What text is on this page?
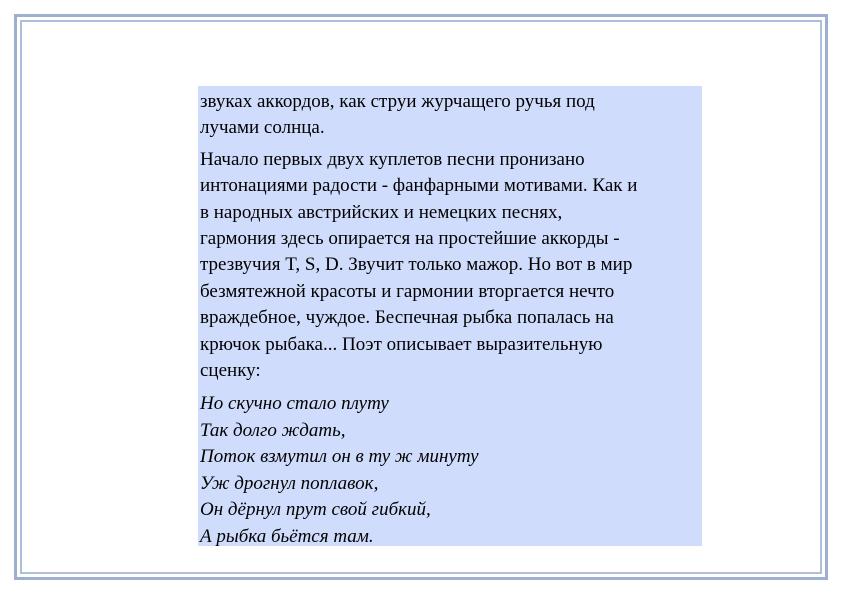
звуках аккордов, как струи журчащего ручья под
лучами солнца.

Начало первых двух куплетов песни пронизано
интонациями радости - фанфарными мотивами. Как и
в народных австрийских и немецких песнях,
гармония здесь опирается на простейшие аккорды -
трезвучия T, S, D. Звучит только мажор. Но вот в мир
безмятежной красоты и гармонии вторгается нечто
враждебное, чуждое. Беспечная рыбка попалась на
крючок рыбака... Поэт описывает выразительную
сценку:

Но скучно стало плуту
Так долго ждать,
Поток взмутил он в ту ж минуту
Уж дрогнул поплавок,
Он дёрнул прут свой гибкий,
А рыбка бьётся там.
